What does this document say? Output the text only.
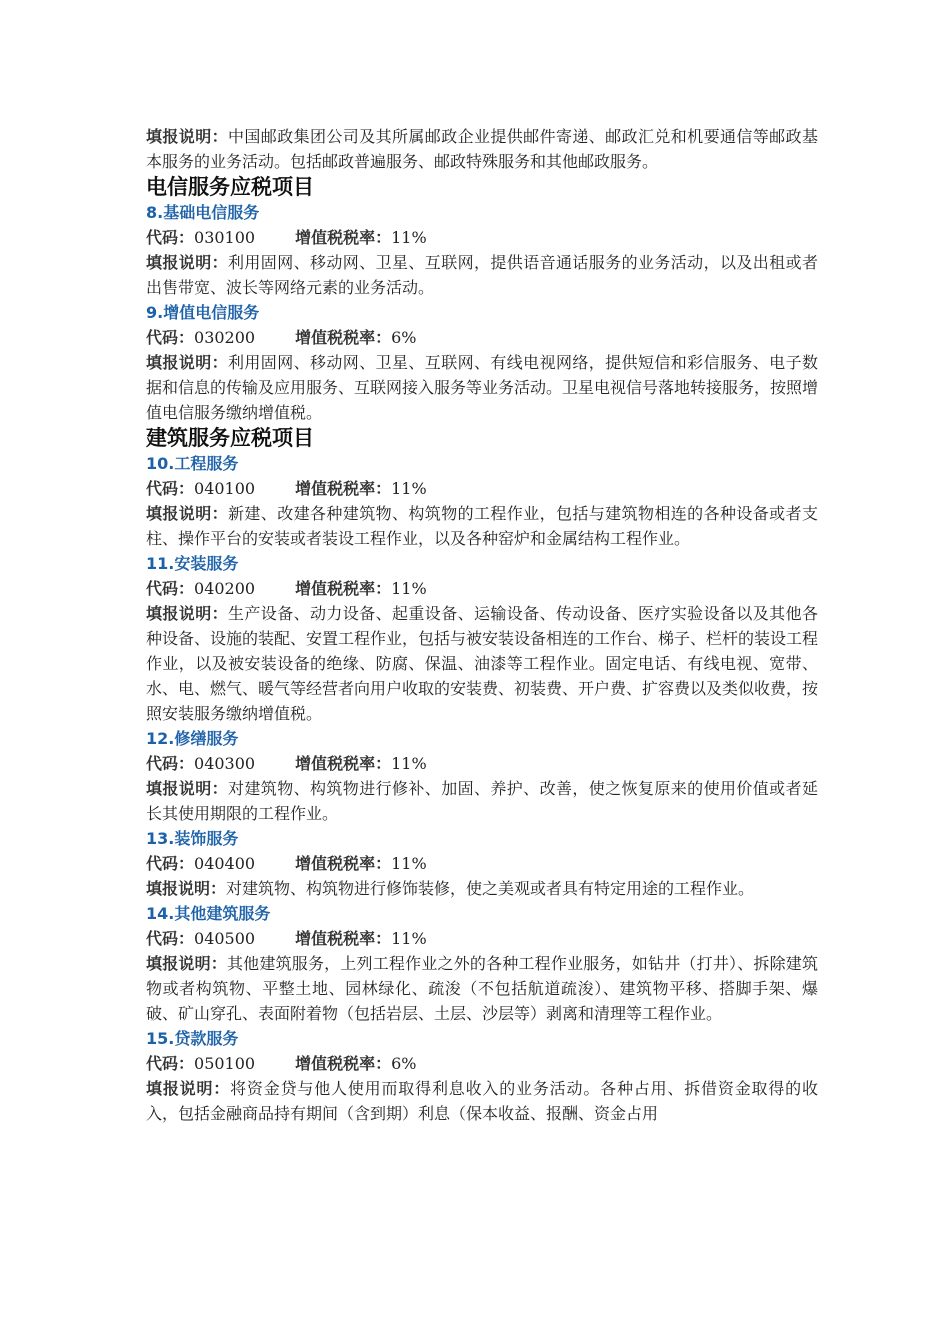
填报说明：中国邮政集团公司及其所属邮政企业提供邮件寄递、邮政汇兑和机要通信等邮政基本服务的业务活动。包括邮政普遍服务、邮政特殊服务和其他邮政服务。

电信服务应税项目

8.基础电信服务

代码：030100	增值税税率：11%

填报说明：利用固网、移动网、卫星、互联网，提供语音通话服务的业务活动，以及出租或者出售带宽、波长等网络元素的业务活动。

9.增值电信服务

代码：030200	增值税税率：6%

填报说明：利用固网、移动网、卫星、互联网、有线电视网络，提供短信和彩信服务、电子数据和信息的传输及应用服务、互联网接入服务等业务活动。卫星电视信号落地转接服务，按照增值电信服务缴纳增值税。

建筑服务应税项目

10.工程服务

代码：040100	增值税税率：11%

填报说明：新建、改建各种建筑物、构筑物的工程作业，包括与建筑物相连的各种设备或者支柱、操作平台的安装或者装设工程作业，以及各种窑炉和金属结构工程作业。

11.安装服务

代码：040200	增值税税率：11%

填报说明：生产设备、动力设备、起重设备、运输设备、传动设备、医疗实验设备以及其他各种设备、设施的装配、安置工程作业，包括与被安装设备相连的工作台、梯子、栏杆的装设工程作业，以及被安装设备的绝缘、防腐、保温、油漆等工程作业。固定电话、有线电视、宽带、水、电、燃气、暖气等经营者向用户收取的安装费、初装费、开户费、扩容费以及类似收费，按照安装服务缴纳增值税。

12.修缮服务

代码：040300	增值税税率：11%

填报说明：对建筑物、构筑物进行修补、加固、养护、改善，使之恢复原来的使用价值或者延长其使用期限的工程作业。

13.装饰服务

代码：040400	增值税税率：11%

填报说明：对建筑物、构筑物进行修饰装修，使之美观或者具有特定用途的工程作业。

14.其他建筑服务

代码：040500	增值税税率：11%

填报说明：其他建筑服务，上列工程作业之外的各种工程作业服务，如钻井（打井）、拆除建筑物或者构筑物、平整土地、园林绿化、疏浚（不包括航道疏浚）、建筑物平移、搭脚手架、爆破、矿山穿孔、表面附着物（包括岩层、土层、沙层等）剥离和清理等工程作业。

15.贷款服务

代码：050100	增值税税率：6%

填报说明：将资金贷与他人使用而取得利息收入的业务活动。各种占用、拆借资金取得的收入，包括金融商品持有期间（含到期）利息（保本收益、报酬、资金占用
